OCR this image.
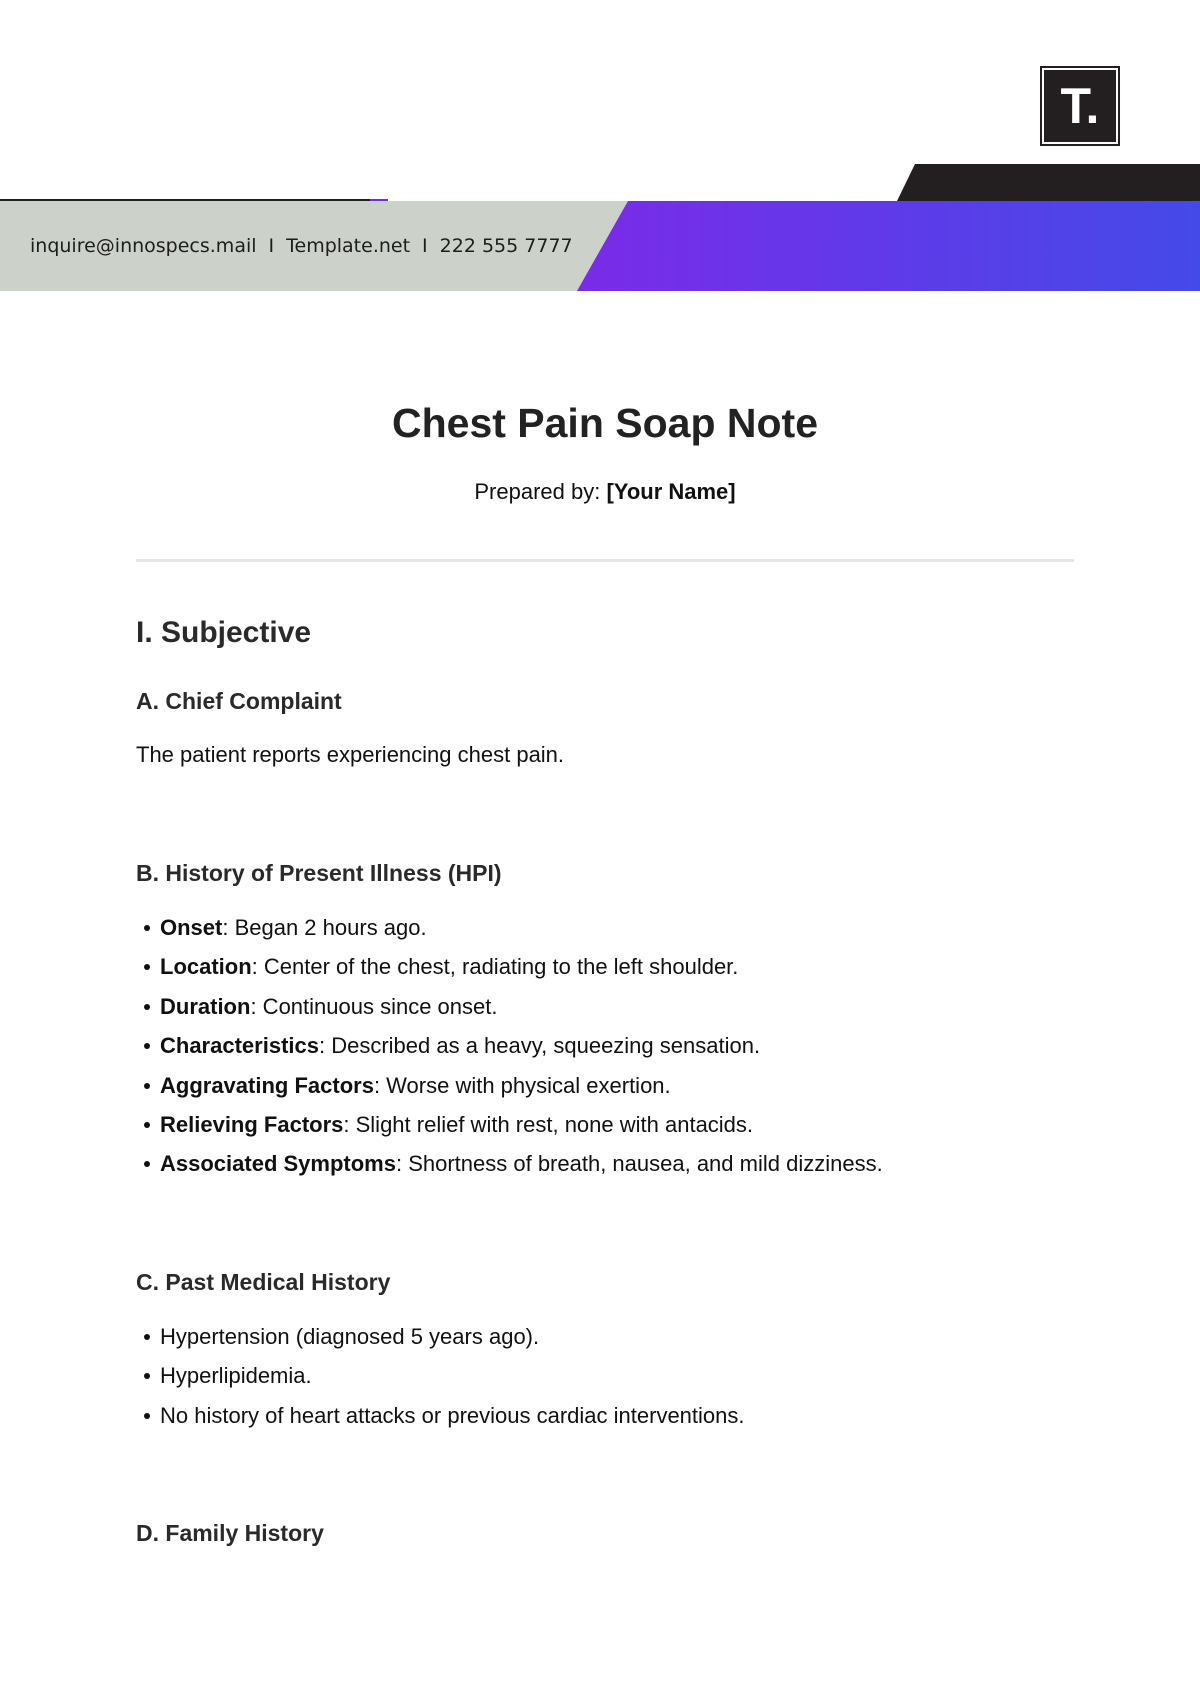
T.
inquire@innospecs.mail I Template.net I 222 555 7777
Chest Pain Soap Note
Prepared by: [Your Name]
I. Subjective
A. Chief Complaint

The patient reports experiencing chest pain.

B. History of Present Illness (HPI)
Onset: Began 2 hours ago.
Location: Center of the chest, radiating to the left shoulder.
Duration: Continuous since onset.
Characteristics: Described as a heavy, squeezing sensation.
Aggravating Factors: Worse with physical exertion.
Relieving Factors: Slight relief with rest, none with antacids.
Associated Symptoms: Shortness of breath, nausea, and mild dizziness.
C. Past Medical History
Hypertension (diagnosed 5 years ago).
Hyperlipidemia.
No history of heart attacks or previous cardiac interventions.
D. Family History
